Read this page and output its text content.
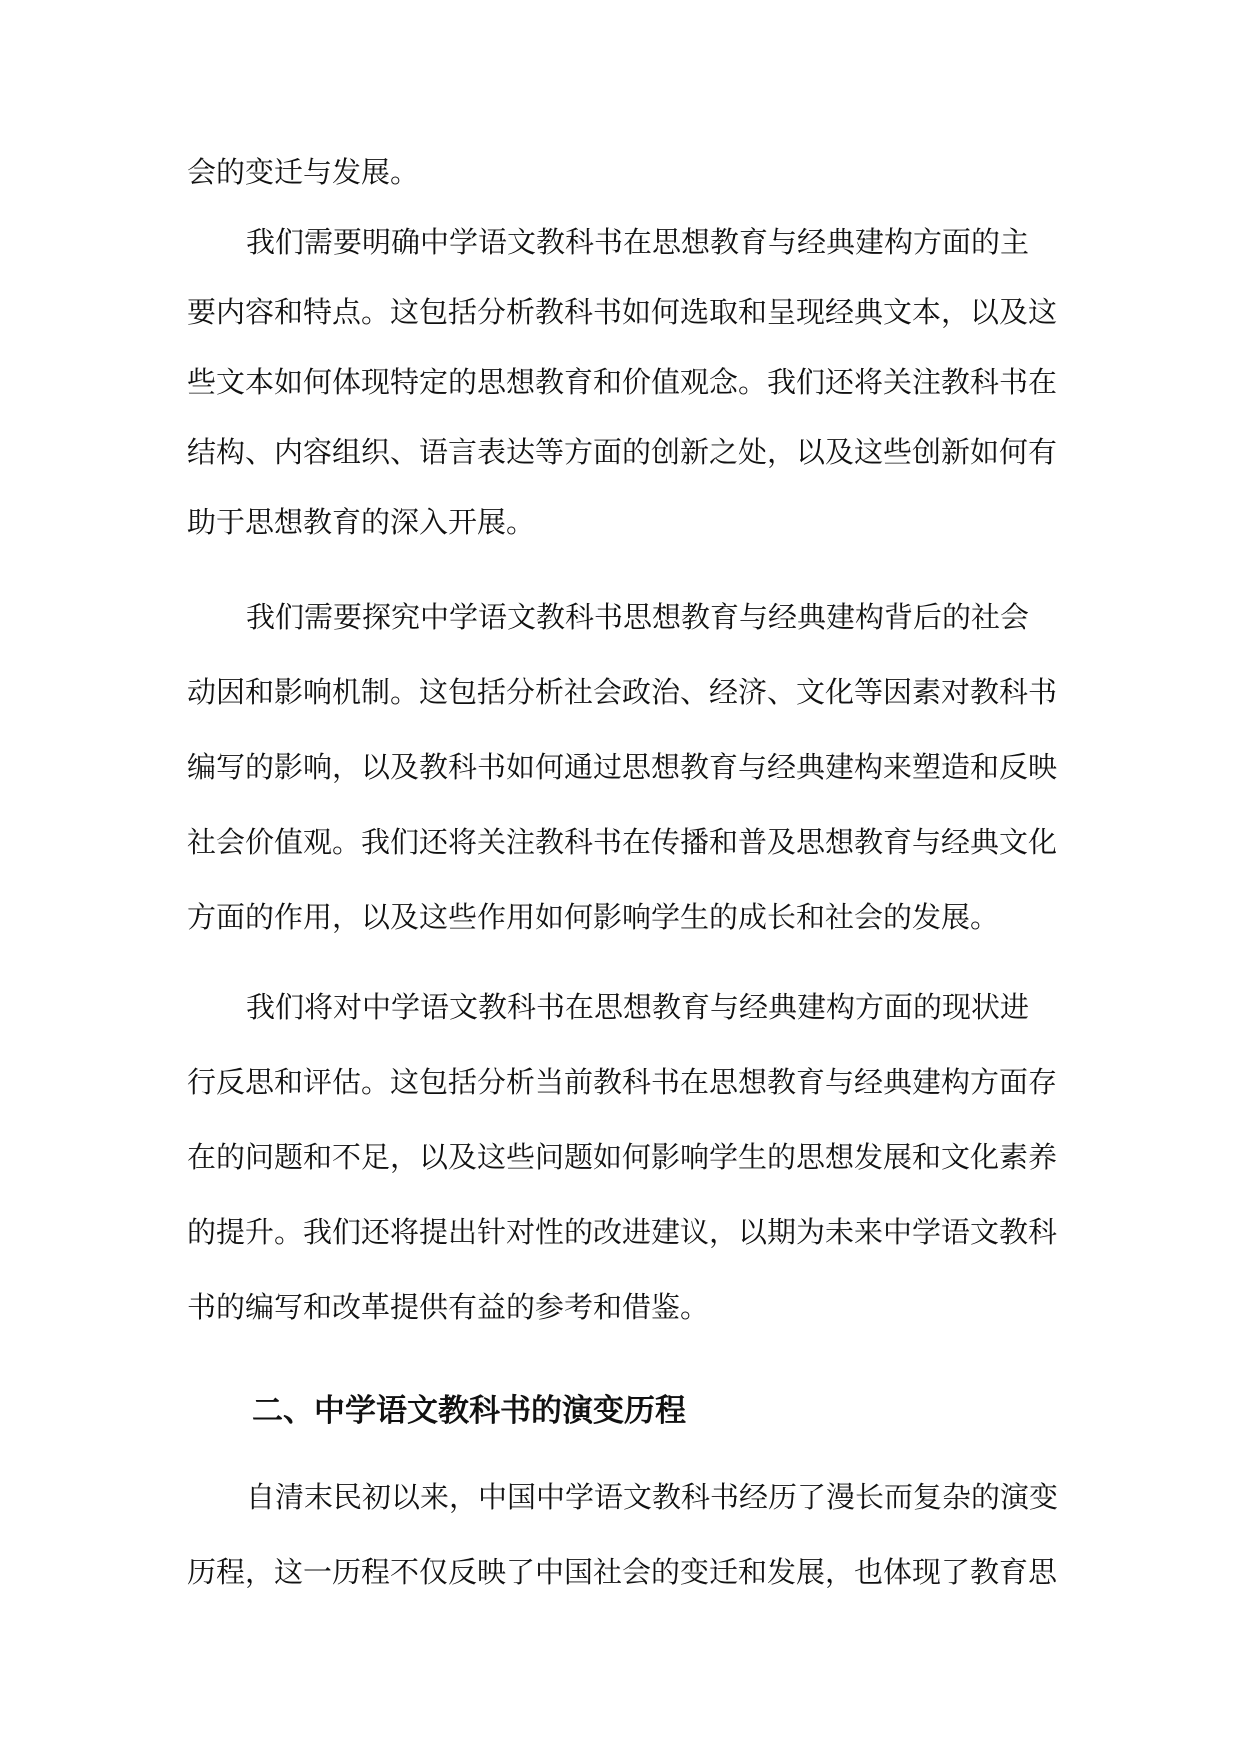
会的变迁与发展。
我们需要明确中学语文教科书在思想教育与经典建构方面的主
要内容和特点。这包括分析教科书如何选取和呈现经典文本，以及这
些文本如何体现特定的思想教育和价值观念。我们还将关注教科书在
结构、内容组织、语言表达等方面的创新之处，以及这些创新如何有
助于思想教育的深入开展。
我们需要探究中学语文教科书思想教育与经典建构背后的社会
动因和影响机制。这包括分析社会政治、经济、文化等因素对教科书
编写的影响，以及教科书如何通过思想教育与经典建构来塑造和反映
社会价值观。我们还将关注教科书在传播和普及思想教育与经典文化
方面的作用，以及这些作用如何影响学生的成长和社会的发展。
我们将对中学语文教科书在思想教育与经典建构方面的现状进
行反思和评估。这包括分析当前教科书在思想教育与经典建构方面存
在的问题和不足，以及这些问题如何影响学生的思想发展和文化素养
的提升。我们还将提出针对性的改进建议，以期为未来中学语文教科
书的编写和改革提供有益的参考和借鉴。
二、中学语文教科书的演变历程
自清末民初以来，中国中学语文教科书经历了漫长而复杂的演变
历程，这一历程不仅反映了中国社会的变迁和发展，也体现了教育思
